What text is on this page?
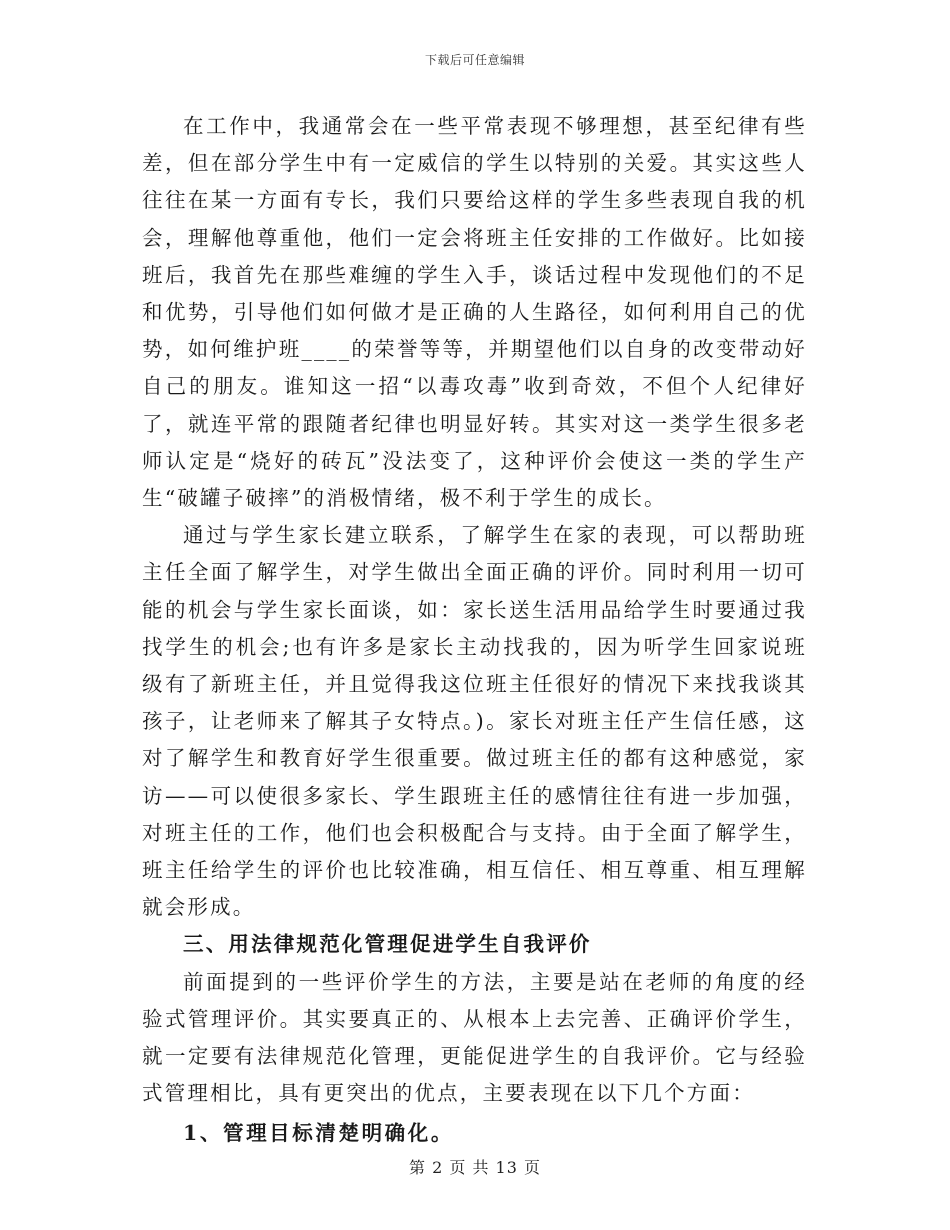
下载后可任意编辑

在工作中，我通常会在一些平常表现不够理想，甚至纪律有些差，但在部分学生中有一定威信的学生以特别的关爱。其实这些人往往在某一方面有专长，我们只要给这样的学生多些表现自我的机会，理解他尊重他，他们一定会将班主任安排的工作做好。比如接班后，我首先在那些难缠的学生入手，谈话过程中发现他们的不足和优势，引导他们如何做才是正确的人生路径，如何利用自己的优势，如何维护班____的荣誉等等，并期望他们以自身的改变带动好自己的朋友。谁知这一招“以毒攻毒”收到奇效，不但个人纪律好了，就连平常的跟随者纪律也明显好转。其实对这一类学生很多老师认定是“烧好的砖瓦”没法变了，这种评价会使这一类的学生产生“破罐子破摔”的消极情绪，极不利于学生的成长。

通过与学生家长建立联系，了解学生在家的表现，可以帮助班主任全面了解学生，对学生做出全面正确的评价。同时利用一切可能的机会与学生家长面谈，如：家长送生活用品给学生时要通过我找学生的机会;也有许多是家长主动找我的，因为听学生回家说班级有了新班主任，并且觉得我这位班主任很好的情况下来找我谈其孩子，让老师来了解其子女特点。)。家长对班主任产生信任感，这对了解学生和教育好学生很重要。做过班主任的都有这种感觉，家访——可以使很多家长、学生跟班主任的感情往往有进一步加强，对班主任的工作，他们也会积极配合与支持。由于全面了解学生，班主任给学生的评价也比较准确，相互信任、相互尊重、相互理解就会形成。

三、用法律规范化管理促进学生自我评价

前面提到的一些评价学生的方法，主要是站在老师的角度的经验式管理评价。其实要真正的、从根本上去完善、正确评价学生，就一定要有法律规范化管理，更能促进学生的自我评价。它与经验式管理相比，具有更突出的优点，主要表现在以下几个方面：

1、管理目标清楚明确化。

第 2 页 共 13 页
